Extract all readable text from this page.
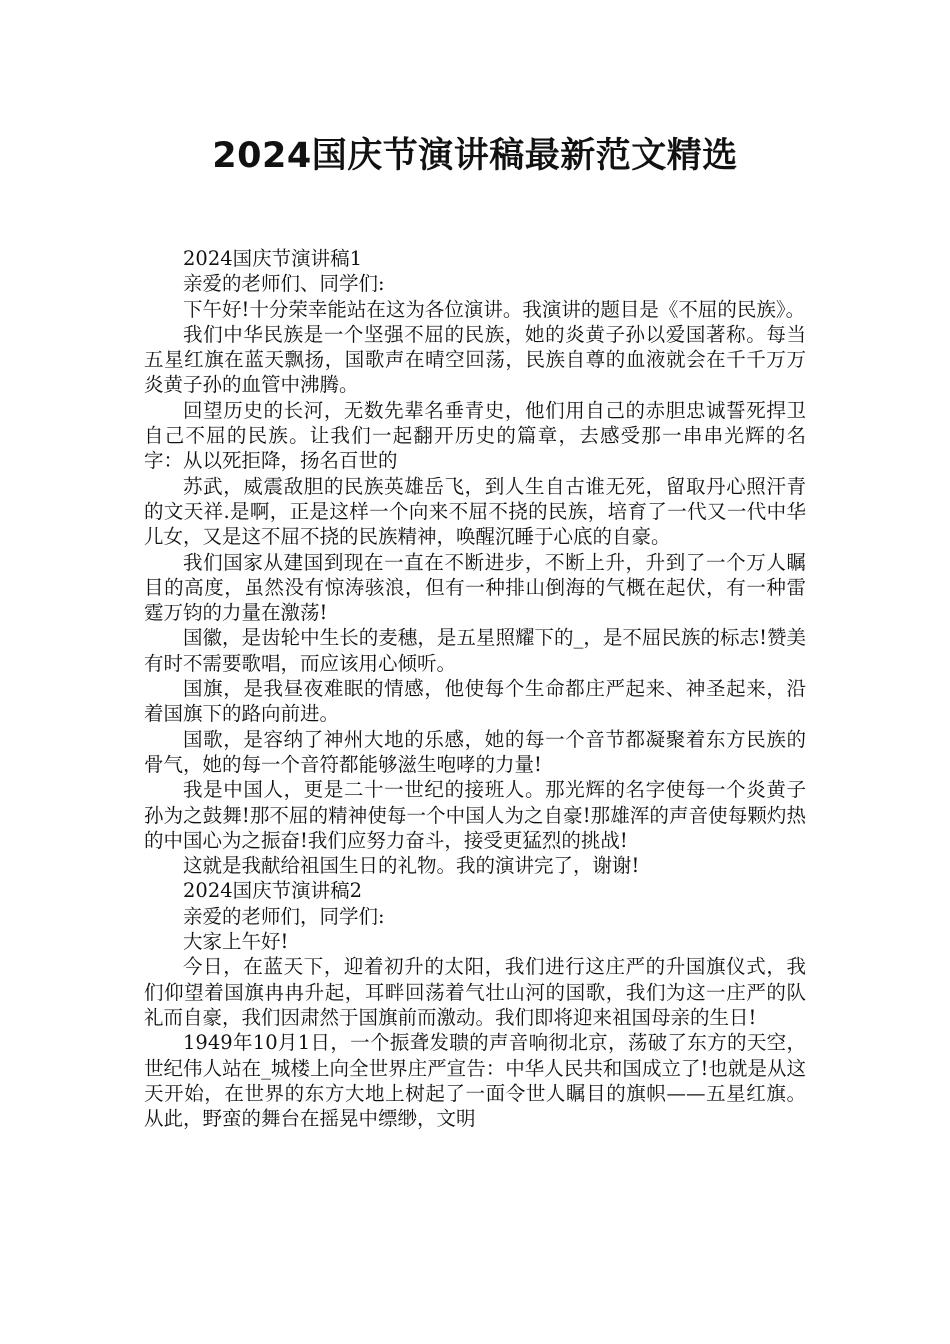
2024国庆节演讲稿最新范文精选

2024国庆节演讲稿1

亲爱的老师们、同学们:

下午好!十分荣幸能站在这为各位演讲。我演讲的题目是《不屈的民族》。

我们中华民族是一个坚强不屈的民族，她的炎黄子孙以爱国著称。每当五星红旗在蓝天飘扬，国歌声在晴空回荡，民族自尊的血液就会在千千万万炎黄子孙的血管中沸腾。

回望历史的长河，无数先辈名垂青史，他们用自己的赤胆忠诚誓死捍卫自己不屈的民族。让我们一起翻开历史的篇章，去感受那一串串光辉的名字：从以死拒降，扬名百世的

苏武，威震敌胆的民族英雄岳飞，到人生自古谁无死，留取丹心照汗青的文天祥.是啊，正是这样一个向来不屈不挠的民族，培育了一代又一代中华儿女，又是这不屈不挠的民族精神，唤醒沉睡于心底的自豪。

我们国家从建国到现在一直在不断进步，不断上升，升到了一个万人瞩目的高度，虽然没有惊涛骇浪，但有一种排山倒海的气概在起伏，有一种雷霆万钧的力量在激荡!

国徽，是齿轮中生长的麦穗，是五星照耀下的_，是不屈民族的标志!赞美有时不需要歌唱，而应该用心倾听。

国旗，是我昼夜难眠的情感，他使每个生命都庄严起来、神圣起来，沿着国旗下的路向前进。

国歌，是容纳了神州大地的乐感，她的每一个音节都凝聚着东方民族的骨气，她的每一个音符都能够滋生咆哮的力量!

我是中国人，更是二十一世纪的接班人。那光辉的名字使每一个炎黄子孙为之鼓舞!那不屈的精神使每一个中国人为之自豪!那雄浑的声音使每颗灼热的中国心为之振奋!我们应努力奋斗，接受更猛烈的挑战!

这就是我献给祖国生日的礼物。我的演讲完了，谢谢!

2024国庆节演讲稿2

亲爱的老师们，同学们:

大家上午好!

今日，在蓝天下，迎着初升的太阳，我们进行这庄严的升国旗仪式，我们仰望着国旗冉冉升起，耳畔回荡着气壮山河的国歌，我们为这一庄严的队礼而自豪，我们因肃然于国旗前而激动。我们即将迎来祖国母亲的生日!

1949年10月1日，一个振聋发聩的声音响彻北京，荡破了东方的天空，世纪伟人站在_城楼上向全世界庄严宣告：中华人民共和国成立了!也就是从这天开始，在世界的东方大地上树起了一面令世人瞩目的旗帜——五星红旗。从此，野蛮的舞台在摇晃中缥缈，文明
